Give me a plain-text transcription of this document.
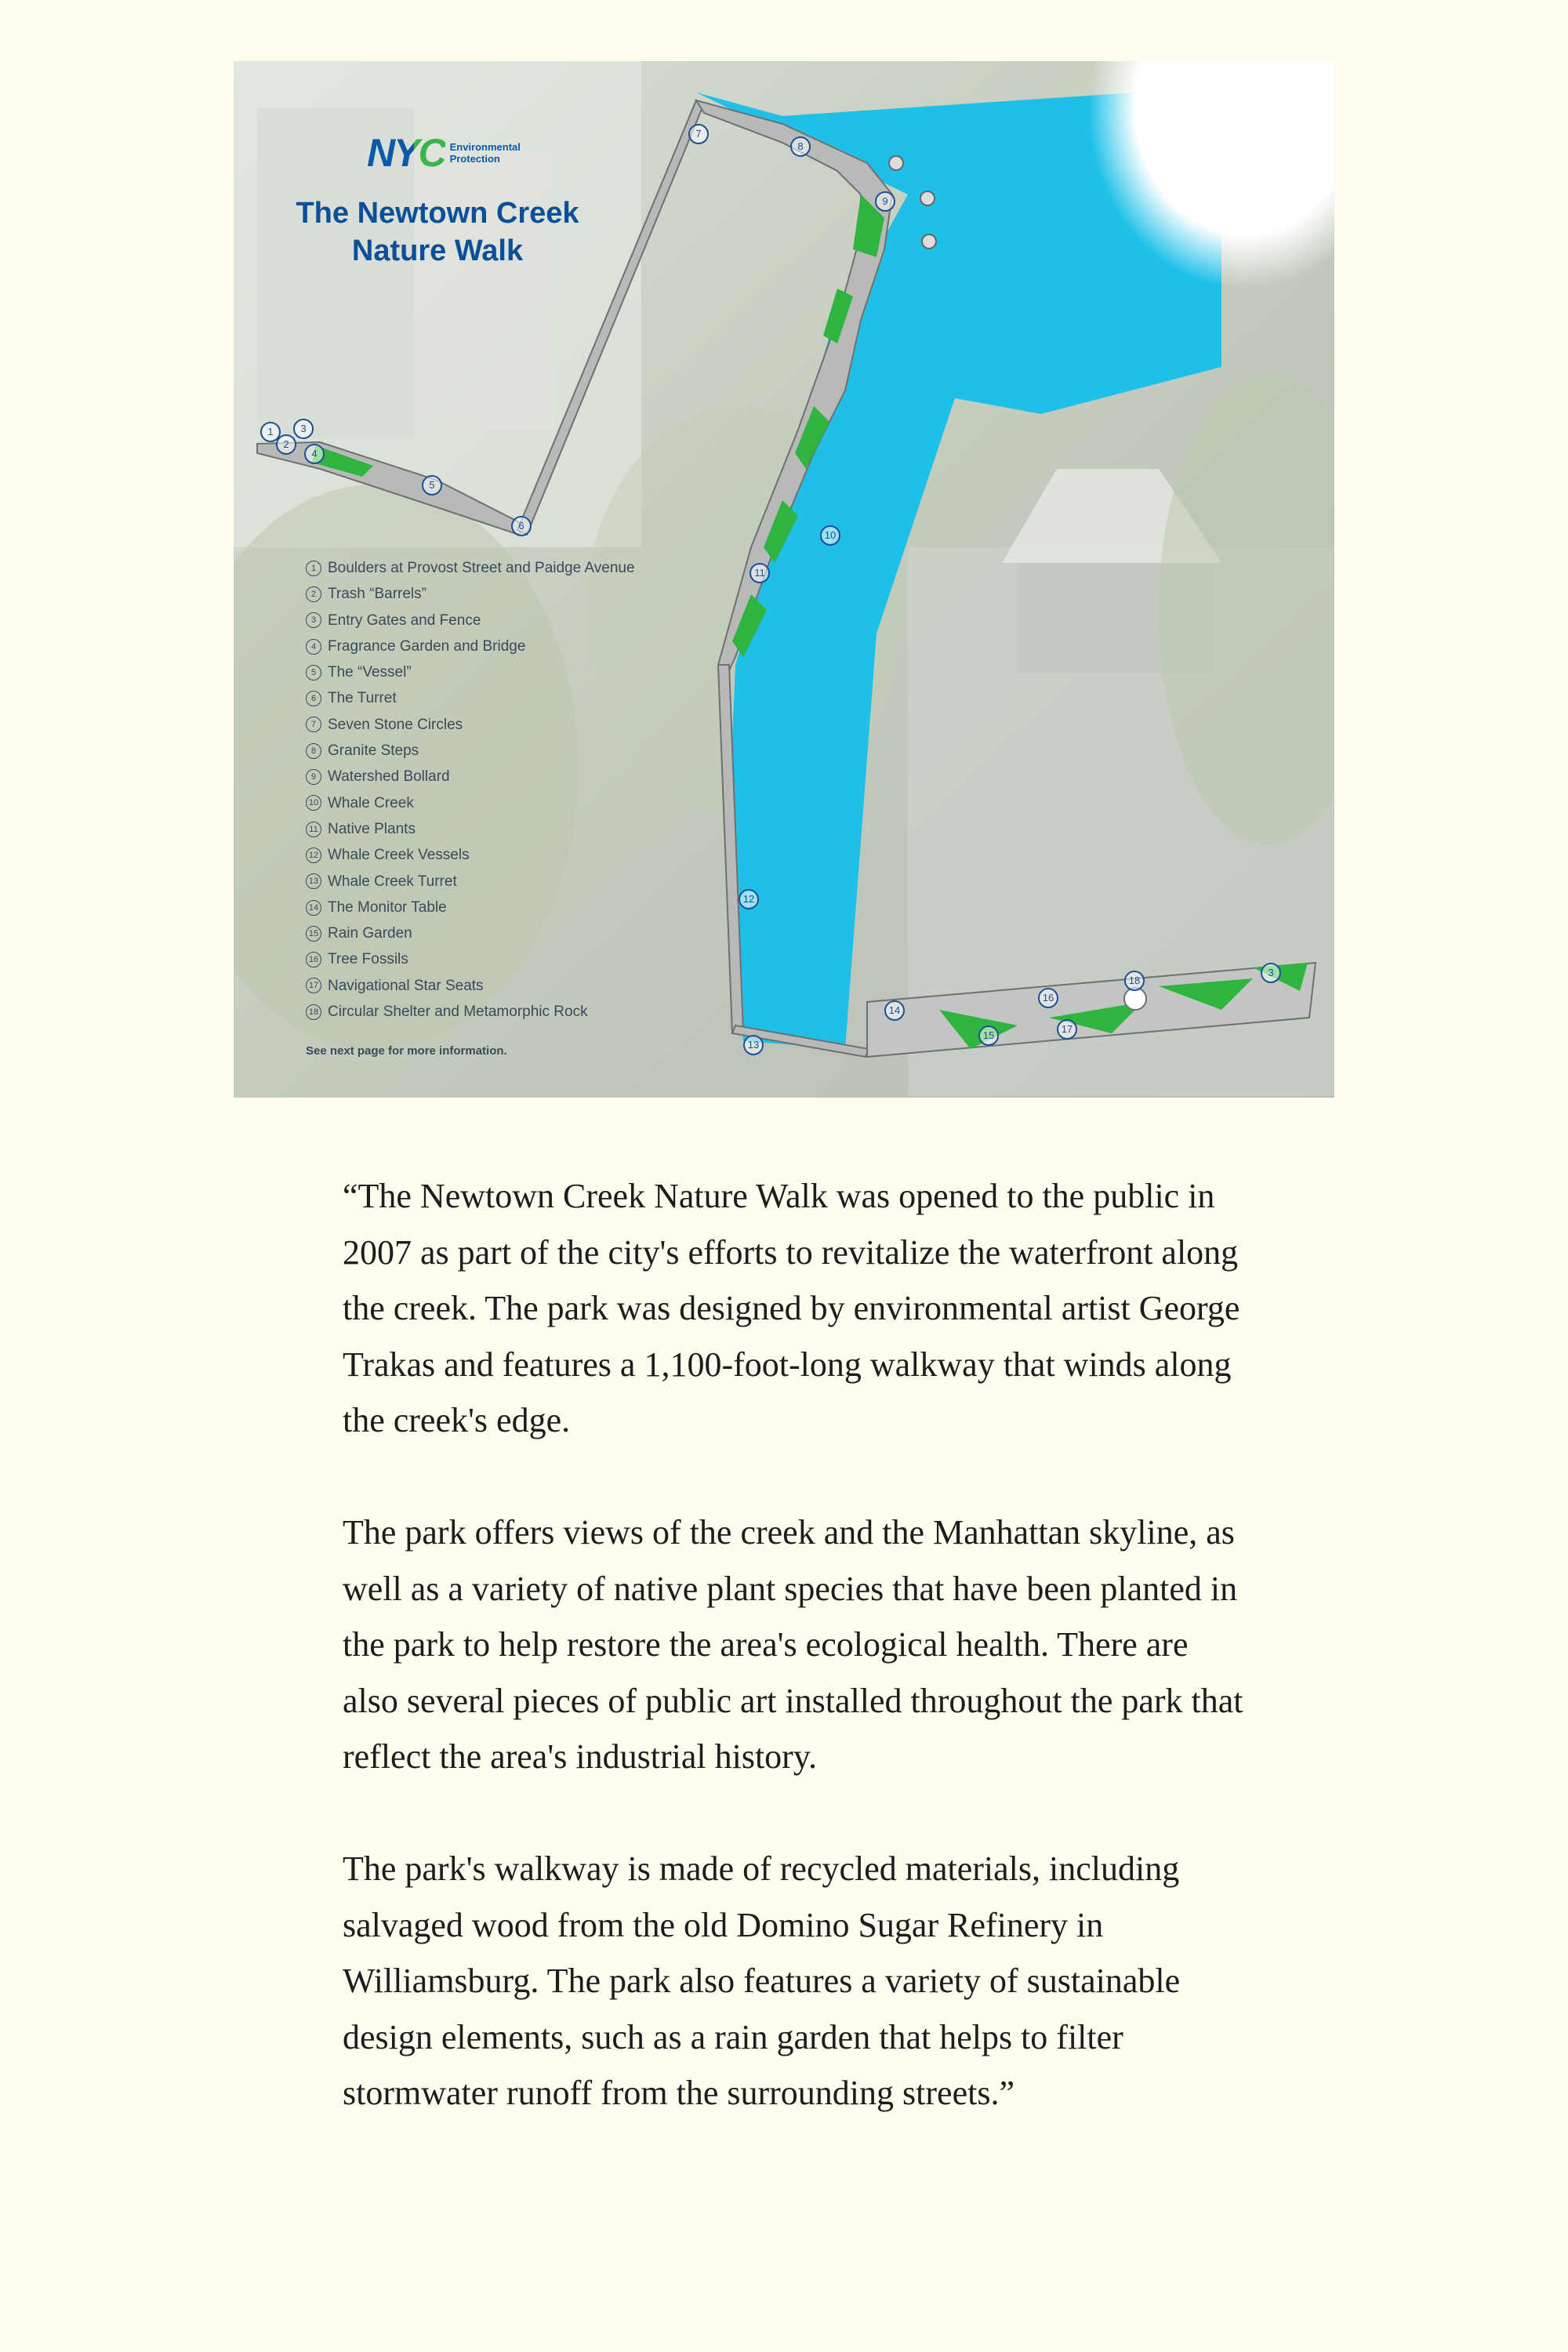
NYC Environmental Protection
The Newtown Creek
Nature Walk
1
2
3
4
5
6
7
8
9
10
11
12
13
14
15
16
17
18
3
1 Boulders at Provost Street and Paidge Avenue
2 Trash “Barrels”
3 Entry Gates and Fence
4 Fragrance Garden and Bridge
5 The “Vessel”
6 The Turret
7 Seven Stone Circles
8 Granite Steps
9 Watershed Bollard
10 Whale Creek
11 Native Plants
12 Whale Creek Vessels
13 Whale Creek Turret
14 The Monitor Table
15 Rain Garden
16 Tree Fossils
17 Navigational Star Seats
18 Circular Shelter and Metamorphic Rock
See next page for more information.

“The Newtown Creek Nature Walk was opened to the public in 2007 as part of the city's efforts to revitalize the waterfront along the creek. The park was designed by environmental artist George Trakas and features a 1,100-foot-long walkway that winds along the creek's edge.

The park offers views of the creek and the Manhattan skyline, as well as a variety of native plant species that have been planted in the park to help restore the area's ecological health. There are also several pieces of public art installed throughout the park that reflect the area's industrial history.

The park's walkway is made of recycled materials, including salvaged wood from the old Domino Sugar Refinery in Williamsburg. The park also features a variety of sustainable design elements, such as a rain garden that helps to filter stormwater runoff from the surrounding streets.”
